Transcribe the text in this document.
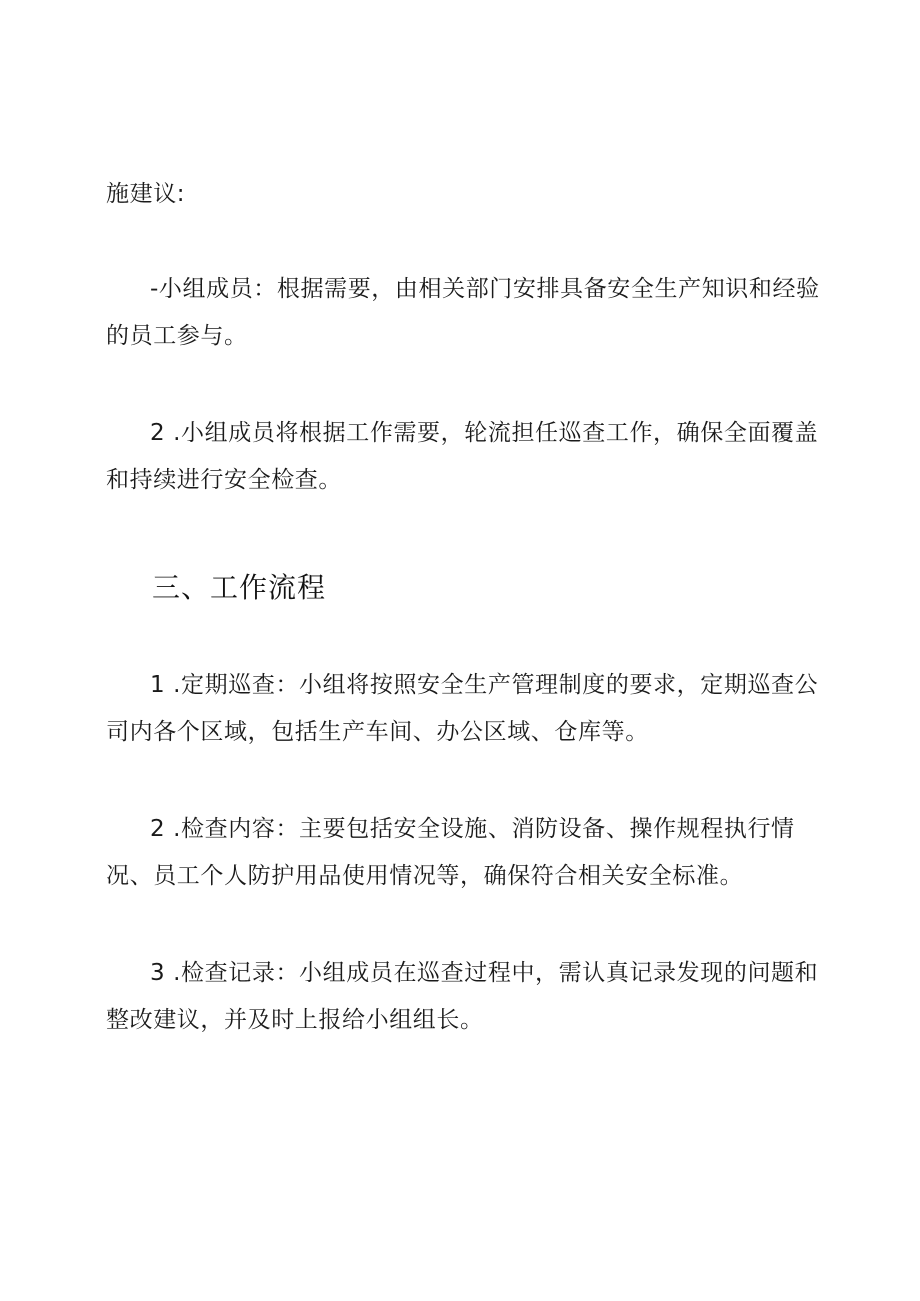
施建议:

-小组成员：根据需要，由相关部门安排具备安全生产知识和经验的员工参与。

2 .小组成员将根据工作需要，轮流担任巡查工作，确保全面覆盖和持续进行安全检查。

三、工作流程

1 .定期巡查：小组将按照安全生产管理制度的要求，定期巡查公司内各个区域，包括生产车间、办公区域、仓库等。

2 .检查内容：主要包括安全设施、消防设备、操作规程执行情况、员工个人防护用品使用情况等，确保符合相关安全标准。

3 .检查记录：小组成员在巡查过程中，需认真记录发现的问题和整改建议，并及时上报给小组组长。
